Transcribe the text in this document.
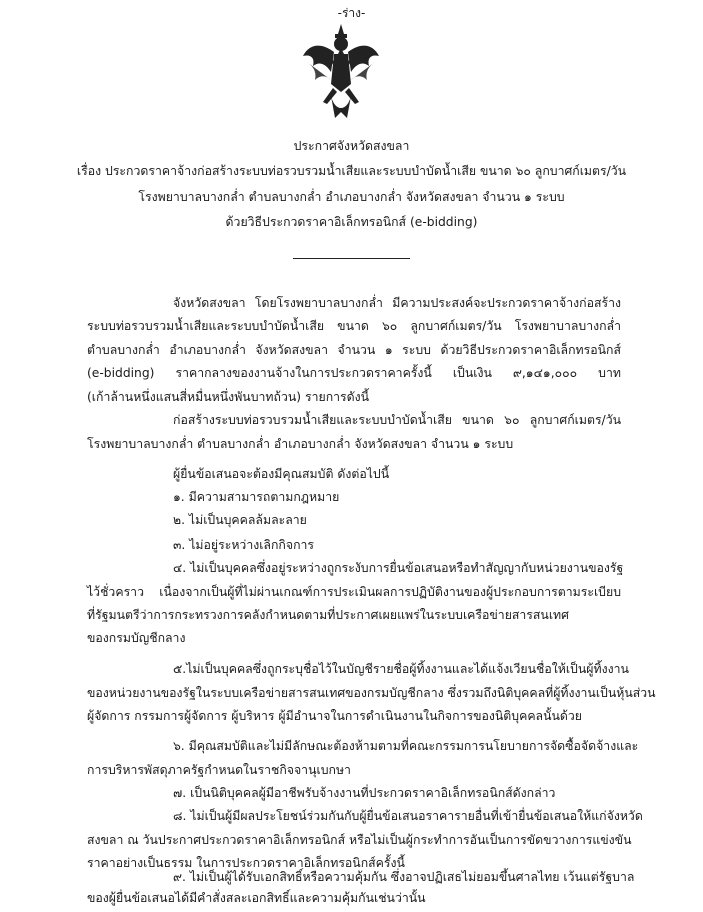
-ร่าง-
ประกาศจังหวัดสงขลา
เรื่อง ประกวดราคาจ้างก่อสร้างระบบท่อรวบรวมน้ำเสียและระบบบำบัดน้ำเสีย ขนาด ๖๐ ลูกบาศก์เมตร/วัน
โรงพยาบาลบางกล่ำ ตำบลบางกล่ำ อำเภอบางกล่ำ จังหวัดสงขลา จำนวน ๑ ระบบ
ด้วยวิธีประกวดราคาอิเล็กทรอนิกส์ (e-bidding)
จังหวัดสงขลา โดยโรงพยาบาลบางกล่ำ มีความประสงค์จะประกวดราคาจ้างก่อสร้าง
ระบบท่อรวบรวมน้ำเสียและระบบบำบัดน้ำเสีย ขนาด ๖๐ ลูกบาศก์เมตร/วัน โรงพยาบาลบางกล่ำ
ตำบลบางกล่ำ อำเภอบางกล่ำ จังหวัดสงขลา จำนวน ๑ ระบบ ด้วยวิธีประกวดราคาอิเล็กทรอนิกส์
(e-bidding) ราคากลางของงานจ้างในการประกวดราคาครั้งนี้ เป็นเงิน ๙,๑๔๑,๐๐๐ บาท
(เก้าล้านหนึ่งแสนสี่หมื่นหนึ่งพันบาทถ้วน) รายการดังนี้
ก่อสร้างระบบท่อรวบรวมน้ำเสียและระบบบำบัดน้ำเสีย ขนาด ๖๐ ลูกบาศก์เมตร/วัน
โรงพยาบาลบางกล่ำ ตำบลบางกล่ำ อำเภอบางกล่ำ จังหวัดสงขลา จำนวน ๑ ระบบ
ผู้ยื่นข้อเสนอจะต้องมีคุณสมบัติ ดังต่อไปนี้
๑. มีความสามารถตามกฎหมาย
๒. ไม่เป็นบุคคลล้มละลาย
๓. ไม่อยู่ระหว่างเลิกกิจการ
๔. ไม่เป็นบุคคลซึ่งอยู่ระหว่างถูกระงับการยื่นข้อเสนอหรือทำสัญญากับหน่วยงานของรัฐ
ไว้ชั่วคราว เนื่องจากเป็นผู้ที่ไม่ผ่านเกณฑ์การประเมินผลการปฏิบัติงานของผู้ประกอบการตามระเบียบ
ที่รัฐมนตรีว่าการกระทรวงการคลังกำหนดตามที่ประกาศเผยแพร่ในระบบเครือข่ายสารสนเทศ
ของกรมบัญชีกลาง
๕.ไม่เป็นบุคคลซึ่งถูกระบุชื่อไว้ในบัญชีรายชื่อผู้ทิ้งงานและได้แจ้งเวียนชื่อให้เป็นผู้ทิ้งงาน
ของหน่วยงานของรัฐในระบบเครือข่ายสารสนเทศของกรมบัญชีกลาง ซึ่งรวมถึงนิติบุคคลที่ผู้ทิ้งงานเป็นหุ้นส่วน
ผู้จัดการ กรรมการผู้จัดการ ผู้บริหาร ผู้มีอำนาจในการดำเนินงานในกิจการของนิติบุคคลนั้นด้วย
๖. มีคุณสมบัติและไม่มีลักษณะต้องห้ามตามที่คณะกรรมการนโยบายการจัดซื้อจัดจ้างและ
การบริหารพัสดุภาครัฐกำหนดในราชกิจจานุเบกษา
๗. เป็นนิติบุคคลผู้มีอาชีพรับจ้างงานที่ประกวดราคาอิเล็กทรอนิกส์ดังกล่าว
๘. ไม่เป็นผู้มีผลประโยชน์ร่วมกันกับผู้ยื่นข้อเสนอราคารายอื่นที่เข้ายื่นข้อเสนอให้แก่จังหวัด
สงขลา ณ วันประกาศประกวดราคาอิเล็กทรอนิกส์ หรือไม่เป็นผู้กระทำการอันเป็นการขัดขวางการแข่งขัน
ราคาอย่างเป็นธรรม ในการประกวดราคาอิเล็กทรอนิกส์ครั้งนี้
๙. ไม่เป็นผู้ได้รับเอกสิทธิ์หรือความคุ้มกัน ซึ่งอาจปฏิเสธไม่ยอมขึ้นศาลไทย เว้นแต่รัฐบาล
ของผู้ยื่นข้อเสนอได้มีคำสั่งสละเอกสิทธิ์และความคุ้มกันเช่นว่านั้น
